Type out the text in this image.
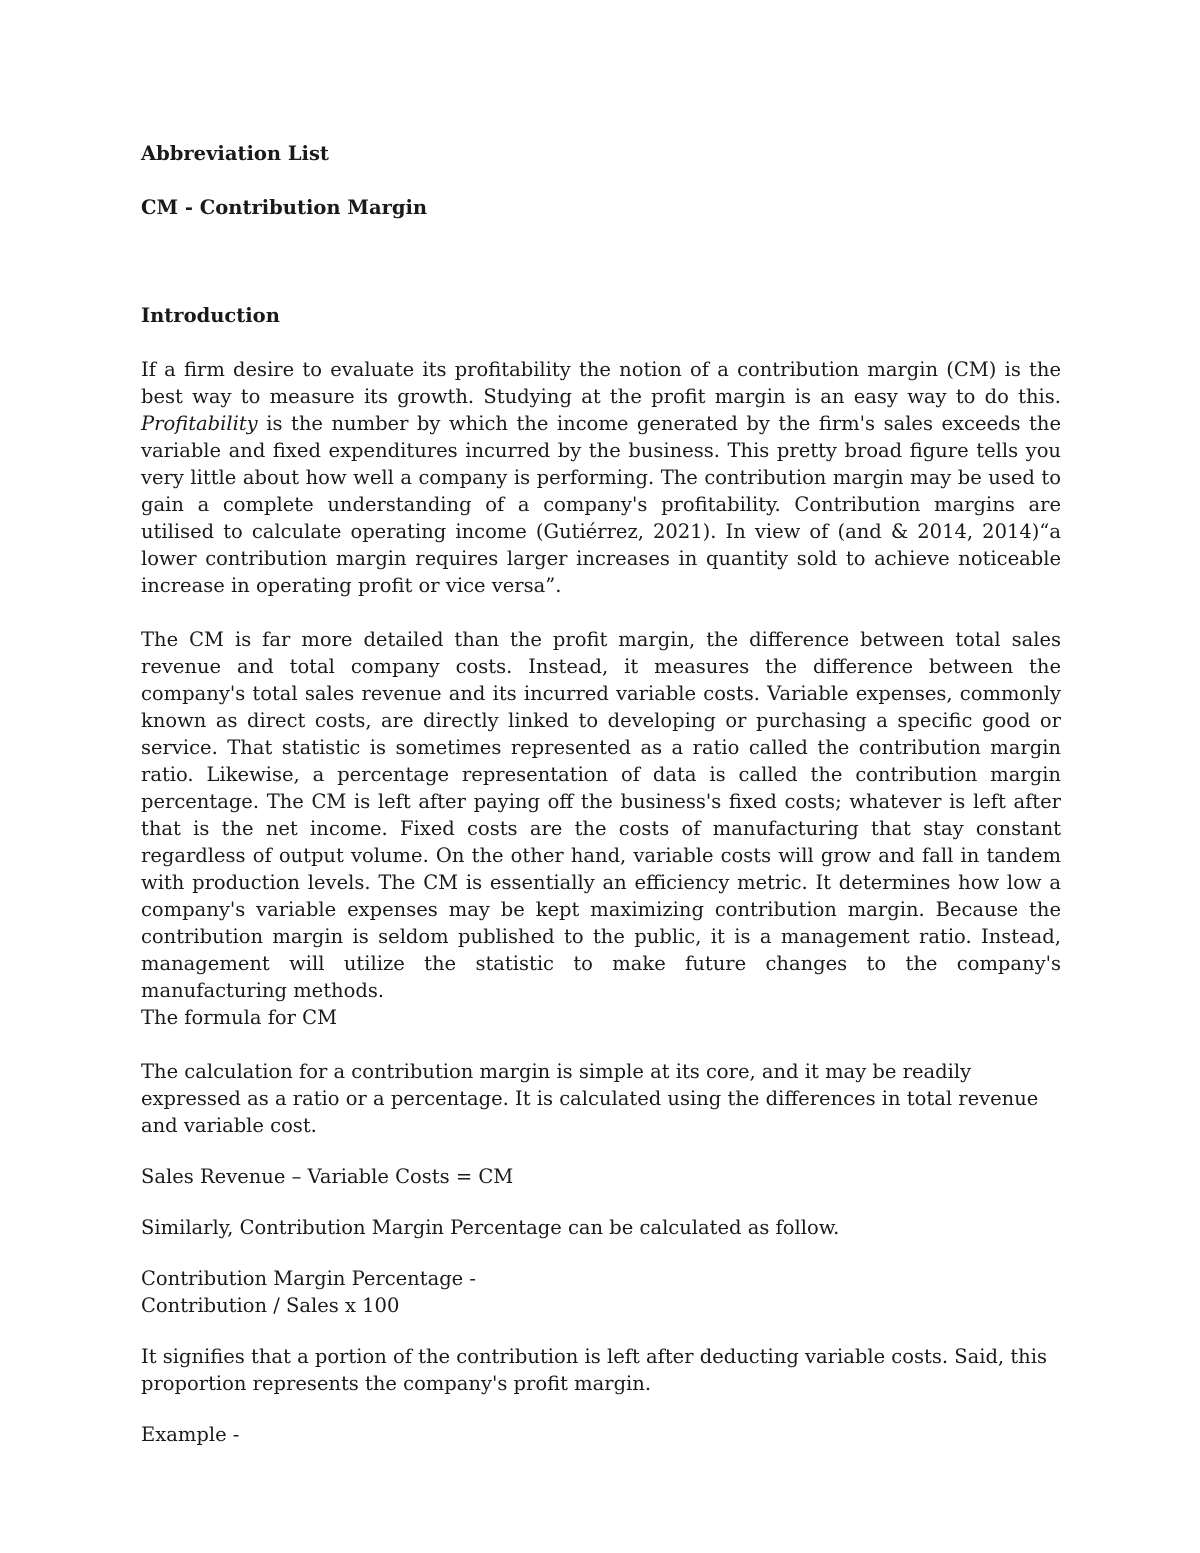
Abbreviation List

CM - Contribution Margin

Introduction

If a firm desire to evaluate its profitability the notion of a contribution margin (CM) is the best way to measure its growth. Studying at the profit margin is an easy way to do this. Profitability is the number by which the income generated by the firm's sales exceeds the variable and fixed expenditures incurred by the business. This pretty broad figure tells you very little about how well a company is performing. The contribution margin may be used to gain a complete understanding of a company's profitability. Contribution margins are utilised to calculate operating income (Gutiérrez, 2021). In view of (and & 2014, 2014)“a lower contribution margin requires larger increases in quantity sold to achieve noticeable increase in operating profit or vice versa”.

The CM is far more detailed than the profit margin, the difference between total sales revenue and total company costs. Instead, it measures the difference between the company's total sales revenue and its incurred variable costs. Variable expenses, commonly known as direct costs, are directly linked to developing or purchasing a specific good or service. That statistic is sometimes represented as a ratio called the contribution margin ratio. Likewise, a percentage representation of data is called the contribution margin percentage. The CM is left after paying off the business's fixed costs; whatever is left after that is the net income. Fixed costs are the costs of manufacturing that stay constant regardless of output volume. On the other hand, variable costs will grow and fall in tandem with production levels. The CM is essentially an efficiency metric. It determines how low a company's variable expenses may be kept maximizing contribution margin. Because the contribution margin is seldom published to the public, it is a management ratio. Instead, management will utilize the statistic to make future changes to the company's manufacturing methods.

The formula for CM

The calculation for a contribution margin is simple at its core, and it may be readily expressed as a ratio or a percentage. It is calculated using the differences in total revenue and variable cost.

Sales Revenue – Variable Costs = CM

Similarly, Contribution Margin Percentage can be calculated as follow.

Contribution Margin Percentage -

Contribution / Sales x 100

It signifies that a portion of the contribution is left after deducting variable costs. Said, this proportion represents the company's profit margin.

Example -
